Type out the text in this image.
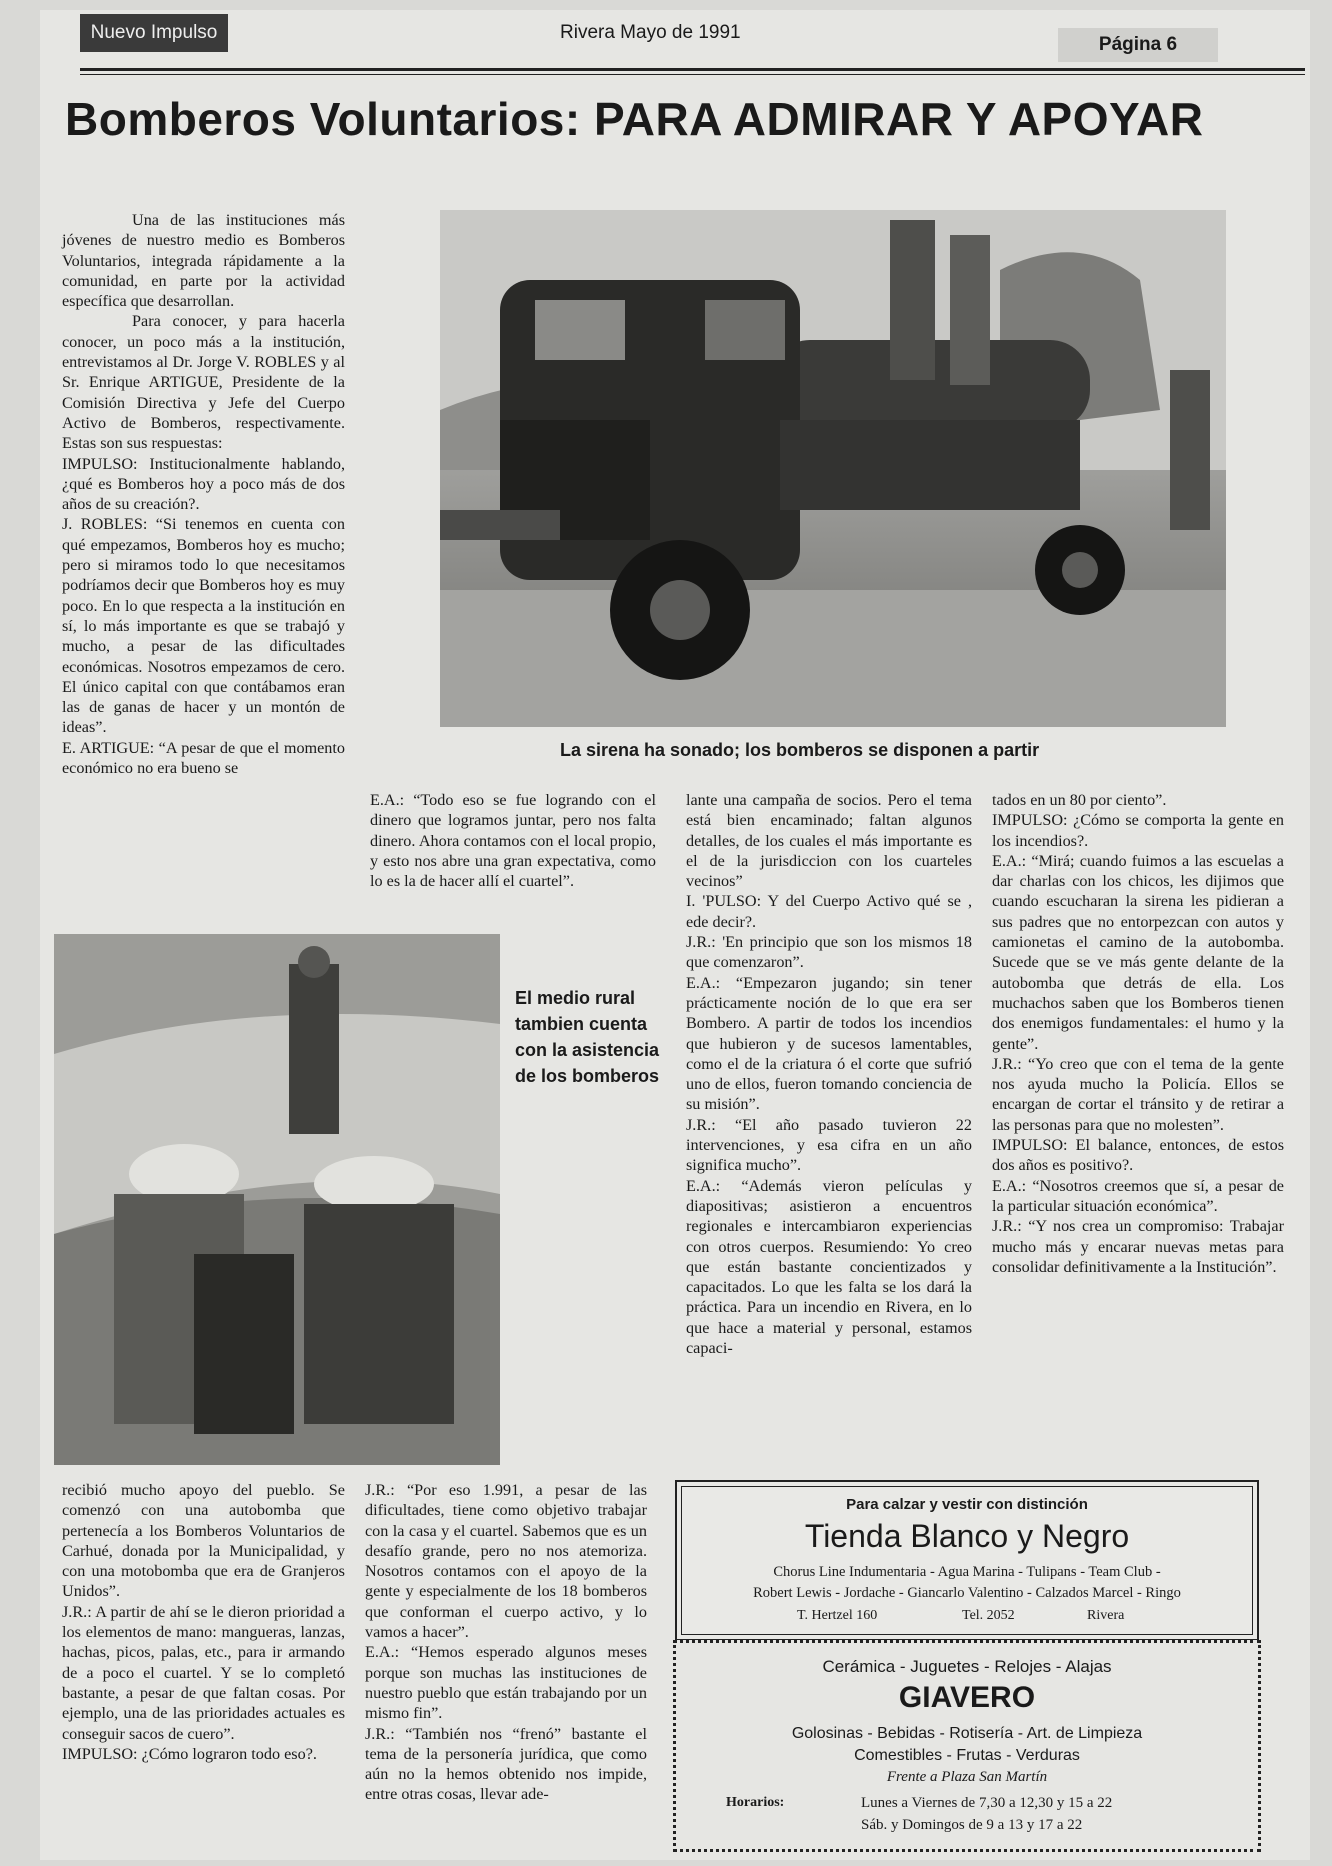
Nuevo Impulso	Rivera Mayo de 1991
Página 6
Bomberos Voluntarios: PARA ADMIRAR Y APOYAR

Una de las instituciones más jóvenes de nuestro medio es Bomberos Voluntarios, integrada rápidamente a la comunidad, en parte por la actividad específica que desarrollan.

Para conocer, y para hacerla conocer, un poco más a la institución, entrevistamos al Dr. Jorge V. ROBLES y al Sr. Enrique ARTIGUE, Presidente de la Comisión Directiva y Jefe del Cuerpo Activo de Bomberos, respectivamente. Estas son sus respuestas:

IMPULSO: Institucionalmente hablando, ¿qué es Bomberos hoy a poco más de dos años de su creación?.

J. ROBLES: “Si tenemos en cuenta con qué empezamos, Bomberos hoy es mucho; pero si miramos todo lo que necesitamos podríamos decir que Bomberos hoy es muy poco. En lo que respecta a la institución en sí, lo más importante es que se trabajó y mucho, a pesar de las dificultades económicas. Nosotros empezamos de cero. El único capital con que contábamos eran las de ganas de hacer y un montón de ideas”.

E. ARTIGUE: “A pesar de que el momento económico no era bueno se

La sirena ha sonado; los bomberos se disponen a partir

E.A.: “Todo eso se fue logrando con el dinero que logramos juntar, pero nos falta dinero. Ahora contamos con el local propio, y esto nos abre una gran expectativa, como lo es la de hacer allí el cuartel”.

lante una campaña de socios. Pero el tema está bien encaminado; faltan algunos detalles, de los cuales el más importante es el de la jurisdiccion con los cuarteles vecinos”

I. 'PULSO: Y del Cuerpo Activo qué se , ede decir?.

J.R.: 'En principio que son los mismos 18 que comenzaron”.

E.A.: “Empezaron jugando; sin tener prácticamente noción de lo que era ser Bombero. A partir de todos los incendios que hubieron y de sucesos lamentables, como el de la criatura ó el corte que sufrió uno de ellos, fueron tomando conciencia de su misión”.

J.R.: “El año pasado tuvieron 22 intervenciones, y esa cifra en un año significa mucho”.

E.A.: “Además vieron películas y diapositivas; asistieron a encuentros regionales e intercambiaron experiencias con otros cuerpos. Resumiendo: Yo creo que están bastante concientizados y capacitados. Lo que les falta se los dará la práctica. Para un incendio en Rivera, en lo que hace a material y personal, estamos capaci-

tados en un 80 por ciento”.

IMPULSO: ¿Cómo se comporta la gente en los incendios?.

E.A.: “Mirá; cuando fuimos a las escuelas a dar charlas con los chicos, les dijimos que cuando escucharan la sirena les pidieran a sus padres que no entorpezcan con autos y camionetas el camino de la autobomba. Sucede que se ve más gente delante de la autobomba que detrás de ella. Los muchachos saben que los Bomberos tienen dos enemigos fundamentales: el humo y la gente”.

J.R.: “Yo creo que con el tema de la gente nos ayuda mucho la Policía. Ellos se encargan de cortar el tránsito y de retirar a las personas para que no molesten”.

IMPULSO: El balance, entonces, de estos dos años es positivo?.

E.A.: “Nosotros creemos que sí, a pesar de la particular situación económica”.

J.R.: “Y nos crea un compromiso: Trabajar mucho más y encarar nuevas metas para consolidar definitivamente a la Institución”.

El medio rural tambien cuenta con la asistencia de los bomberos

recibió mucho apoyo del pueblo. Se comenzó con una autobomba que pertenecía a los Bomberos Voluntarios de Carhué, donada por la Municipalidad, y con una motobomba que era de Granjeros Unidos”.

J.R.: A partir de ahí se le dieron prioridad a los elementos de mano: mangueras, lanzas, hachas, picos, palas, etc., para ir armando de a poco el cuartel. Y se lo completó bastante, a pesar de que faltan cosas. Por ejemplo, una de las prioridades actuales es conseguir sacos de cuero”.

IMPULSO: ¿Cómo lograron todo eso?.

J.R.: “Por eso 1.991, a pesar de las dificultades, tiene como objetivo trabajar con la casa y el cuartel. Sabemos que es un desafío grande, pero no nos atemoriza. Nosotros contamos con el apoyo de la gente y especialmente de los 18 bomberos que conforman el cuerpo activo, y lo vamos a hacer”.

E.A.: “Hemos esperado algunos meses porque son muchas las instituciones de nuestro pueblo que están trabajando por un mismo fin”.

J.R.: “También nos “frenó” bastante el tema de la personería jurídica, que como aún no la hemos obtenido nos impide, entre otras cosas, llevar ade-

Para calzar y vestir con distinción
Tienda Blanco y Negro
Chorus Line Indumentaria - Agua Marina - Tulipans - Team Club -
Robert Lewis - Jordache - Giancarlo Valentino - Calzados Marcel - Ringo
T. Hertzel 160	Tel. 2052	Rivera
Cerámica - Juguetes - Relojes - Alajas
GIAVERO
Golosinas - Bebidas - Rotisería - Art. de Limpieza
Comestibles - Frutas - Verduras
Frente a Plaza San Martín
Horarios:	Lunes a Viernes de 7,30 a 12,30 y 15 a 22
Sáb. y Domingos de 9 a 13 y 17 a 22
